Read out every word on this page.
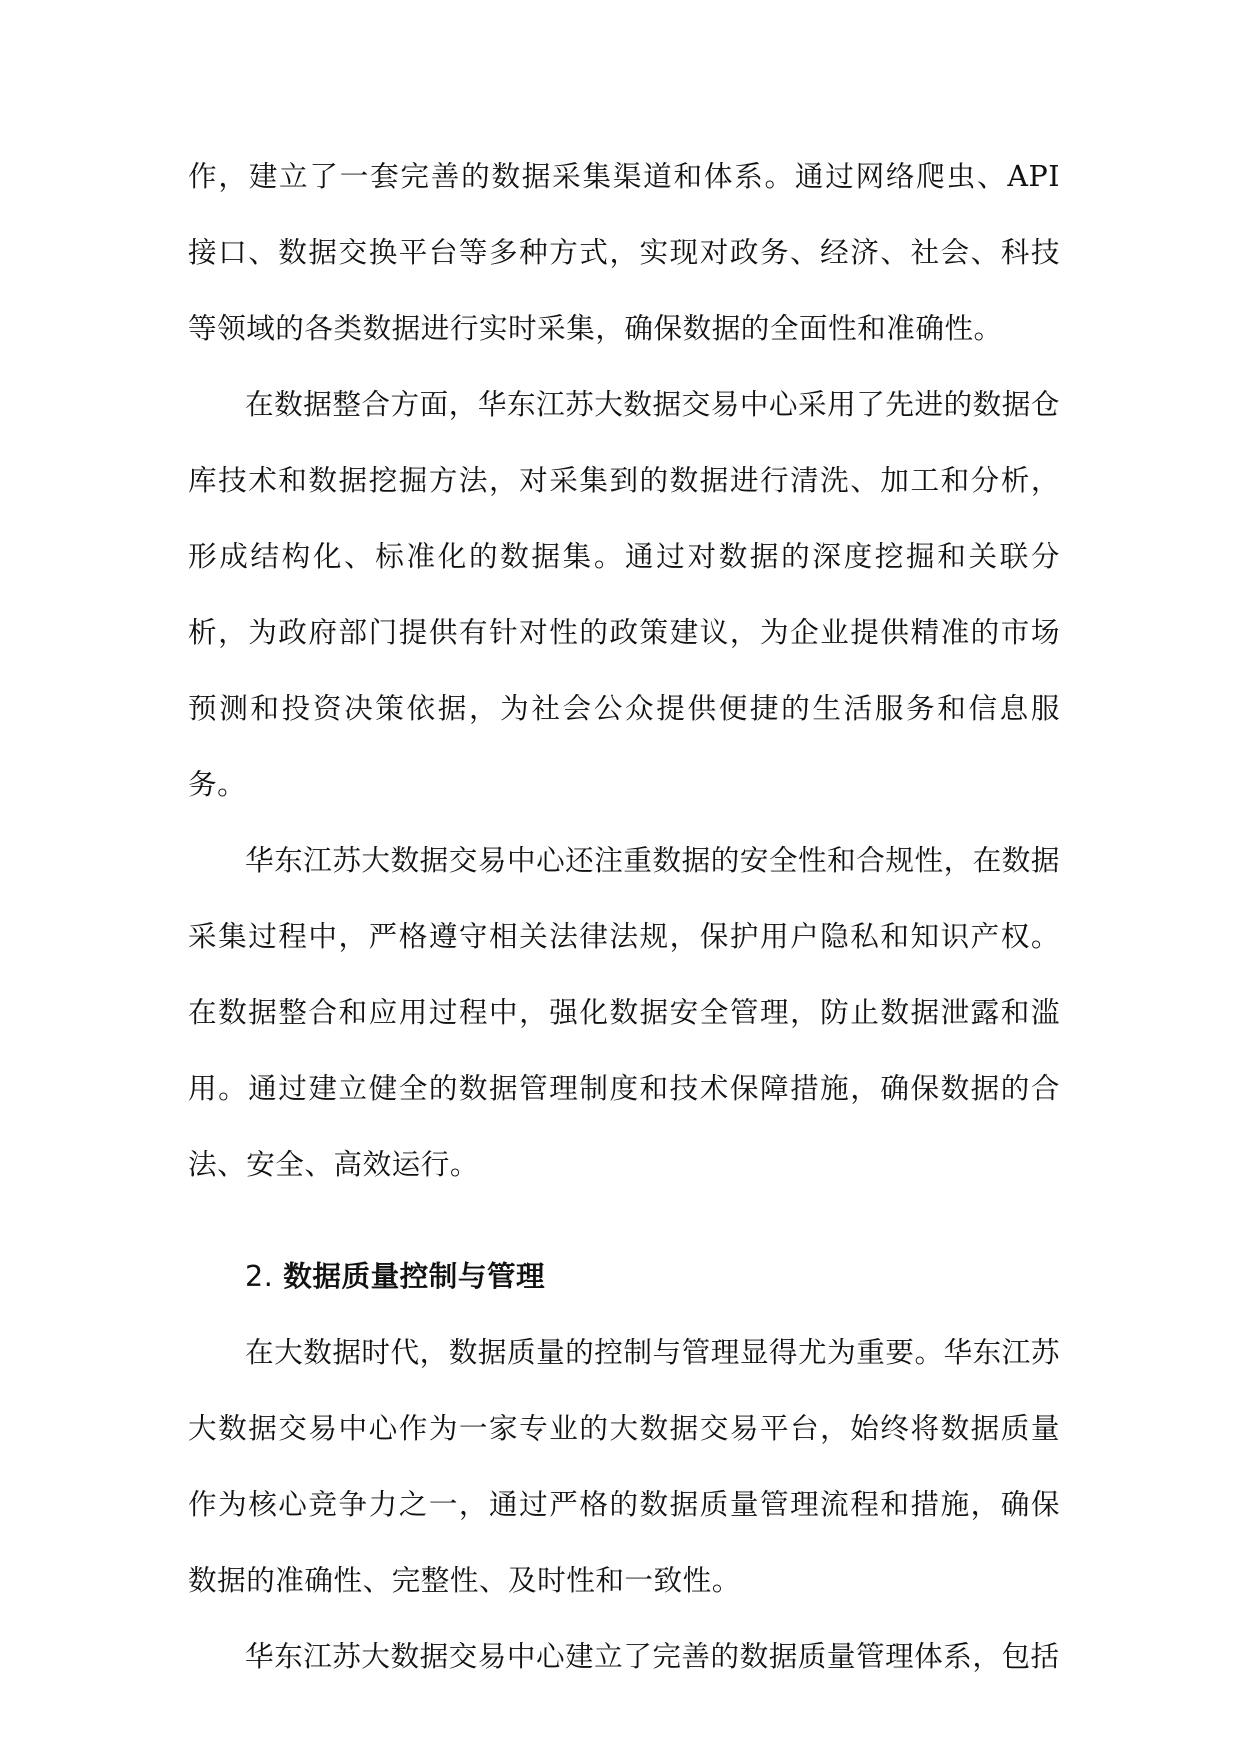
作，建立了一套完善的数据采集渠道和体系。通过网络爬虫、API 接口、数据交换平台等多种方式，实现对政务、经济、社会、科技等领域的各类数据进行实时采集，确保数据的全面性和准确性。

在数据整合方面，华东江苏大数据交易中心采用了先进的数据仓库技术和数据挖掘方法，对采集到的数据进行清洗、加工和分析，形成结构化、标准化的数据集。通过对数据的深度挖掘和关联分析，为政府部门提供有针对性的政策建议，为企业提供精准的市场预测和投资决策依据，为社会公众提供便捷的生活服务和信息服务。

华东江苏大数据交易中心还注重数据的安全性和合规性，在数据采集过程中，严格遵守相关法律法规，保护用户隐私和知识产权。在数据整合和应用过程中，强化数据安全管理，防止数据泄露和滥用。通过建立健全的数据管理制度和技术保障措施，确保数据的合法、安全、高效运行。

2. 数据质量控制与管理

在大数据时代，数据质量的控制与管理显得尤为重要。华东江苏大数据交易中心作为一家专业的大数据交易平台，始终将数据质量作为核心竞争力之一，通过严格的数据质量管理流程和措施，确保数据的准确性、完整性、及时性和一致性。

华东江苏大数据交易中心建立了完善的数据质量管理体系，包括
